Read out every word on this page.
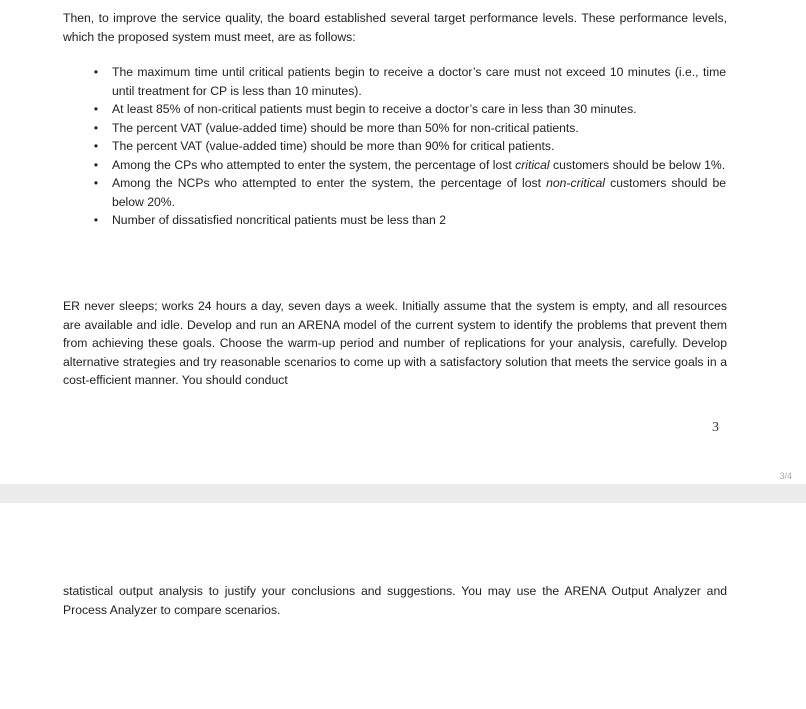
Then, to improve the service quality, the board established several target performance levels. These performance levels, which the proposed system must meet, are as follows:

• The maximum time until critical patients begin to receive a doctor’s care must not exceed 10 minutes (i.e., time until treatment for CP is less than 10 minutes).
• At least 85% of non-critical patients must begin to receive a doctor’s care in less than 30 minutes.
• The percent VAT (value-added time) should be more than 50% for non-critical patients.
• The percent VAT (value-added time) should be more than 90% for critical patients.
• Among the CPs who attempted to enter the system, the percentage of lost critical customers should be below 1%.
• Among the NCPs who attempted to enter the system, the percentage of lost non-critical customers should be below 20%.
• Number of dissatisfied noncritical patients must be less than 2

ER never sleeps; works 24 hours a day, seven days a week. Initially assume that the system is empty, and all resources are available and idle. Develop and run an ARENA model of the current system to identify the problems that prevent them from achieving these goals. Choose the warm-up period and number of replications for your analysis, carefully. Develop alternative strategies and try reasonable scenarios to come up with a satisfactory solution that meets the service goals in a cost-efficient manner. You should conduct

3
3/4

statistical output analysis to justify your conclusions and suggestions. You may use the ARENA Output Analyzer and Process Analyzer to compare scenarios.
